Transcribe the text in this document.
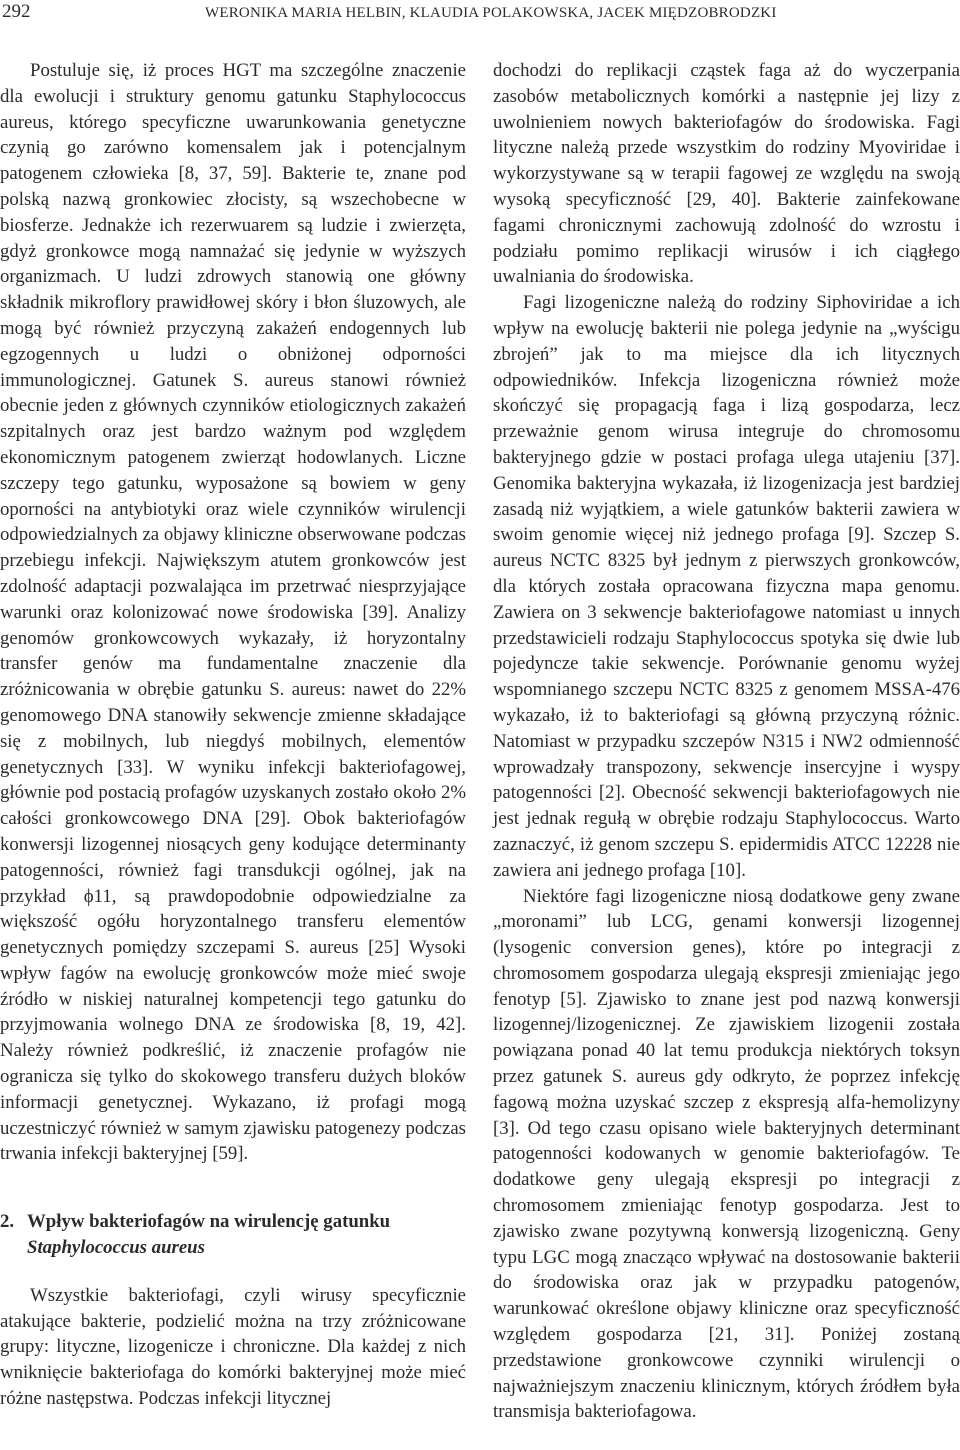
292	WERONIKA MARIA HELBIN, KLAUDIA POLAKOWSKA, JACEK MIĘDZOBRODZKI

Postuluje się, iż proces HGT ma szczególne znaczenie dla ewolucji i struktury genomu gatunku Staphylococcus aureus, którego specyficzne uwarunkowania genetyczne czynią go zarówno komensalem jak i potencjalnym patogenem człowieka [8, 37, 59]. Bakterie te, znane pod polską nazwą gronkowiec złocisty, są wszechobecne w biosferze. Jednakże ich rezerwuarem są ludzie i zwierzęta, gdyż gronkowce mogą namnażać się jedynie w wyższych organizmach. U ludzi zdrowych stanowią one główny składnik mikroflory prawidłowej skóry i błon śluzowych, ale mogą być również przyczyną zakażeń endogennych lub egzogennych u ludzi o obniżonej odporności immunologicznej. Gatunek S. aureus stanowi również obecnie jeden z głównych czynników etiologicznych zakażeń szpitalnych oraz jest bardzo ważnym pod względem ekonomicznym patogenem zwierząt hodowlanych. Liczne szczepy tego gatunku, wyposażone są bowiem w geny oporności na antybiotyki oraz wiele czynników wirulencji odpowiedzialnych za objawy kliniczne obserwowane podczas przebiegu infekcji. Największym atutem gronkowców jest zdolność adaptacji pozwalająca im przetrwać niesprzyjające warunki oraz kolonizować nowe środowiska [39]. Analizy genomów gronkowcowych wykazały, iż horyzontalny transfer genów ma fundamentalne znaczenie dla zróżnicowania w obrębie gatunku S. aureus: nawet do 22% genomowego DNA stanowiły sekwencje zmienne składające się z mobilnych, lub niegdyś mobilnych, elementów genetycznych [33]. W wyniku infekcji bakteriofagowej, głównie pod postacią profagów uzyskanych zostało około 2% całości gronkowcowego DNA [29]. Obok bakteriofagów konwersji lizogennej niosących geny kodujące determinanty patogenności, również fagi transdukcji ogólnej, jak na przykład ϕ11, są prawdopodobnie odpowiedzialne za większość ogółu horyzontalnego transferu elementów genetycznych pomiędzy szczepami S. aureus [25] Wysoki wpływ fagów na ewolucję gronkowców może mieć swoje źródło w niskiej naturalnej kompetencji tego gatunku do przyjmowania wolnego DNA ze środowiska [8, 19, 42]. Należy również podkreślić, iż znaczenie profagów nie ogranicza się tylko do skokowego transferu dużych bloków informacji genetycznej. Wykazano, iż profagi mogą uczestniczyć również w samym zjawisku patogenezy podczas trwania infekcji bakteryjnej [59].

2. Wpływ bakteriofagów na wirulencję gatunku
Staphylococcus aureus

Wszystkie bakteriofagi, czyli wirusy specyficznie atakujące bakterie, podzielić można na trzy zróżnicowane grupy: lityczne, lizogenicze i chroniczne. Dla każdej z nich wniknięcie bakteriofaga do komórki bakteryjnej może mieć różne następstwa. Podczas infekcji litycznej

dochodzi do replikacji cząstek faga aż do wyczerpania zasobów metabolicznych komórki a następnie jej lizy z uwolnieniem nowych bakteriofagów do środowiska. Fagi lityczne należą przede wszystkim do rodziny Myoviridae i wykorzystywane są w terapii fagowej ze względu na swoją wysoką specyficzność [29, 40]. Bakterie zainfekowane fagami chronicznymi zachowują zdolność do wzrostu i podziału pomimo replikacji wirusów i ich ciągłego uwalniania do środowiska.

Fagi lizogeniczne należą do rodziny Siphoviridae a ich wpływ na ewolucję bakterii nie polega jedynie na „wyścigu zbrojeń” jak to ma miejsce dla ich litycznych odpowiedników. Infekcja lizogeniczna również może skończyć się propagacją faga i lizą gospodarza, lecz przeważnie genom wirusa integruje do chromosomu bakteryjnego gdzie w postaci profaga ulega utajeniu [37]. Genomika bakteryjna wykazała, iż lizogenizacja jest bardziej zasadą niż wyjątkiem, a wiele gatunków bakterii zawiera w swoim genomie więcej niż jednego profaga [9]. Szczep S. aureus NCTC 8325 był jednym z pierwszych gronkowców, dla których została opracowana fizyczna mapa genomu. Zawiera on 3 sekwencje bakteriofagowe natomiast u innych przedstawicieli rodzaju Staphylococcus spotyka się dwie lub pojedyncze takie sekwencje. Porównanie genomu wyżej wspomnianego szczepu NCTC 8325 z genomem MSSA-476 wykazało, iż to bakteriofagi są główną przyczyną różnic. Natomiast w przypadku szczepów N315 i NW2 odmienność wprowadzały transpozony, sekwencje insercyjne i wyspy patogenności [2]. Obecność sekwencji bakteriofagowych nie jest jednak regułą w obrębie rodzaju Staphylococcus. Warto zaznaczyć, iż genom szczepu S. epidermidis ATCC 12228 nie zawiera ani jednego profaga [10].

Niektóre fagi lizogeniczne niosą dodatkowe geny zwane „moronami” lub LCG, genami konwersji lizogennej (lysogenic conversion genes), które po integracji z chromosomem gospodarza ulegają ekspresji zmieniając jego fenotyp [5]. Zjawisko to znane jest pod nazwą konwersji lizogennej/lizogenicznej. Ze zjawiskiem lizogenii została powiązana ponad 40 lat temu produkcja niektórych toksyn przez gatunek S. aureus gdy odkryto, że poprzez infekcję fagową można uzyskać szczep z ekspresją alfa-hemolizyny [3]. Od tego czasu opisano wiele bakteryjnych determinant patogenności kodowanych w genomie bakteriofagów. Te dodatkowe geny ulegają ekspresji po integracji z chromosomem zmieniając fenotyp gospodarza. Jest to zjawisko zwane pozytywną konwersją lizogeniczną. Geny typu LGC mogą znacząco wpływać na dostosowanie bakterii do środowiska oraz jak w przypadku patogenów, warunkować określone objawy kliniczne oraz specyficzność względem gospodarza [21, 31]. Poniżej zostaną przedstawione gronkowcowe czynniki wirulencji o najważniejszym znaczeniu klinicznym, których źródłem była transmisja bakteriofagowa.
